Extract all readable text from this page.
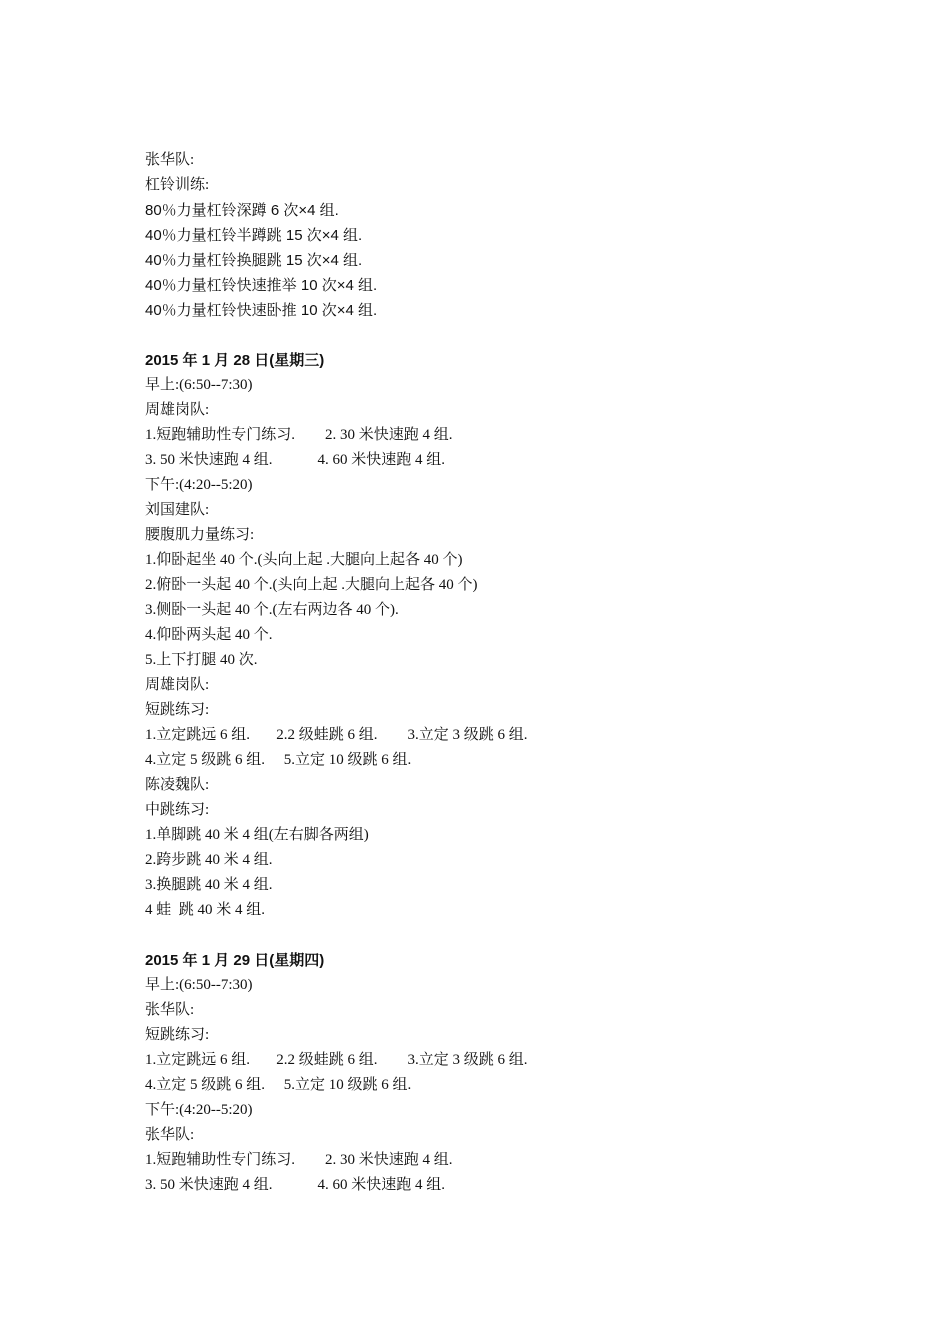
张华队:
杠铃训练:
80％力量杠铃深蹲 6 次×4 组.
40％力量杠铃半蹲跳 15 次×4 组.
40％力量杠铃换腿跳 15 次×4 组.
40％力量杠铃快速推举 10 次×4 组.
40％力量杠铃快速卧推 10 次×4 组.
2015 年 1 月 28 日(星期三)
早上:(6:50--7:30)
周雄岗队:
1.短跑辅助性专门练习.        2. 30 米快速跑 4 组.
3. 50 米快速跑 4 组.            4. 60 米快速跑 4 组.
下午:(4:20--5:20)
刘国建队:
腰腹肌力量练习:
1.仰卧起坐 40 个.(头向上起 .大腿向上起各 40 个)
2.俯卧一头起 40 个.(头向上起 .大腿向上起各 40 个)
3.侧卧一头起 40 个.(左右两边各 40 个).
4.仰卧两头起 40 个.
5.上下打腿 40 次.
周雄岗队:
短跳练习:
1.立定跳远 6 组.       2.2 级蛙跳 6 组.        3.立定 3 级跳 6 组.
4.立定 5 级跳 6 组.     5.立定 10 级跳 6 组.
陈凌魏队:
中跳练习:
1.单脚跳 40 米 4 组(左右脚各两组)
2.跨步跳 40 米 4 组.
3.换腿跳 40 米 4 组.
4 蛙  跳 40 米 4 组.
2015 年 1 月 29 日(星期四)
早上:(6:50--7:30)
张华队:
短跳练习:
1.立定跳远 6 组.       2.2 级蛙跳 6 组.        3.立定 3 级跳 6 组.
4.立定 5 级跳 6 组.     5.立定 10 级跳 6 组.
下午:(4:20--5:20)
张华队:
1.短跑辅助性专门练习.        2. 30 米快速跑 4 组.
3. 50 米快速跑 4 组.            4. 60 米快速跑 4 组.
